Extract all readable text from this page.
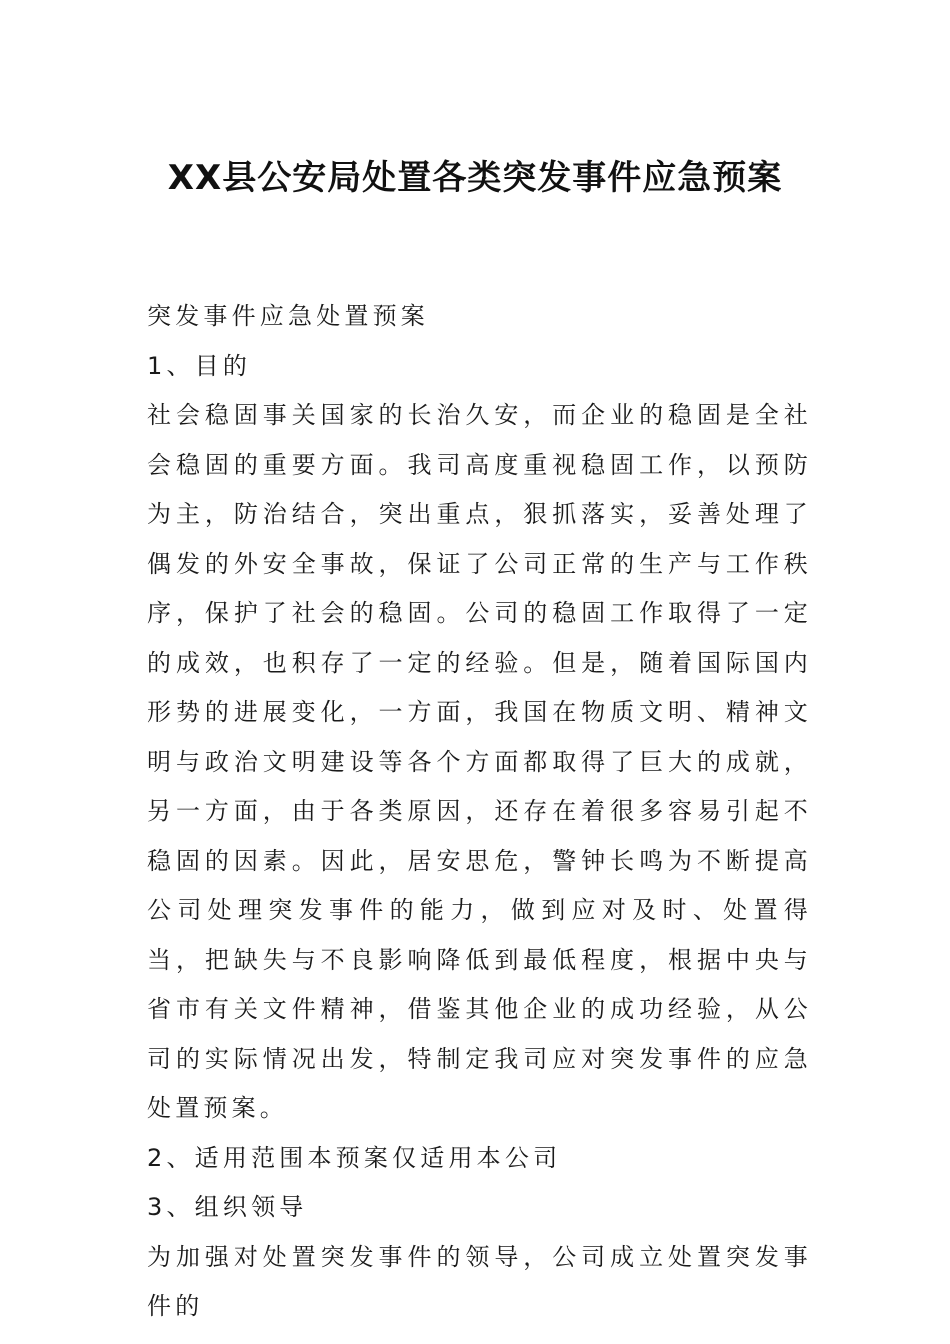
XX县公安局处置各类突发事件应急预案

突发事件应急处置预案

1、目的

社会稳固事关国家的长治久安，而企业的稳固是全社会稳固的重要方面。我司高度重视稳固工作，以预防为主，防治结合，突出重点，狠抓落实，妥善处理了偶发的外安全事故，保证了公司正常的生产与工作秩序，保护了社会的稳固。公司的稳固工作取得了一定的成效，也积存了一定的经验。但是，随着国际国内形势的进展变化，一方面，我国在物质文明、精神文明与政治文明建设等各个方面都取得了巨大的成就，另一方面，由于各类原因，还存在着很多容易引起不稳固的因素。因此，居安思危，警钟长鸣为不断提高公司处理突发事件的能力，做到应对及时、处置得当，把缺失与不良影响降低到最低程度，根据中央与省市有关文件精神，借鉴其他企业的成功经验，从公司的实际情况出发，特制定我司应对突发事件的应急处置预案。

2、适用范围本预案仅适用本公司

3、组织领导

为加强对处置突发事件的领导，公司成立处置突发事件的
